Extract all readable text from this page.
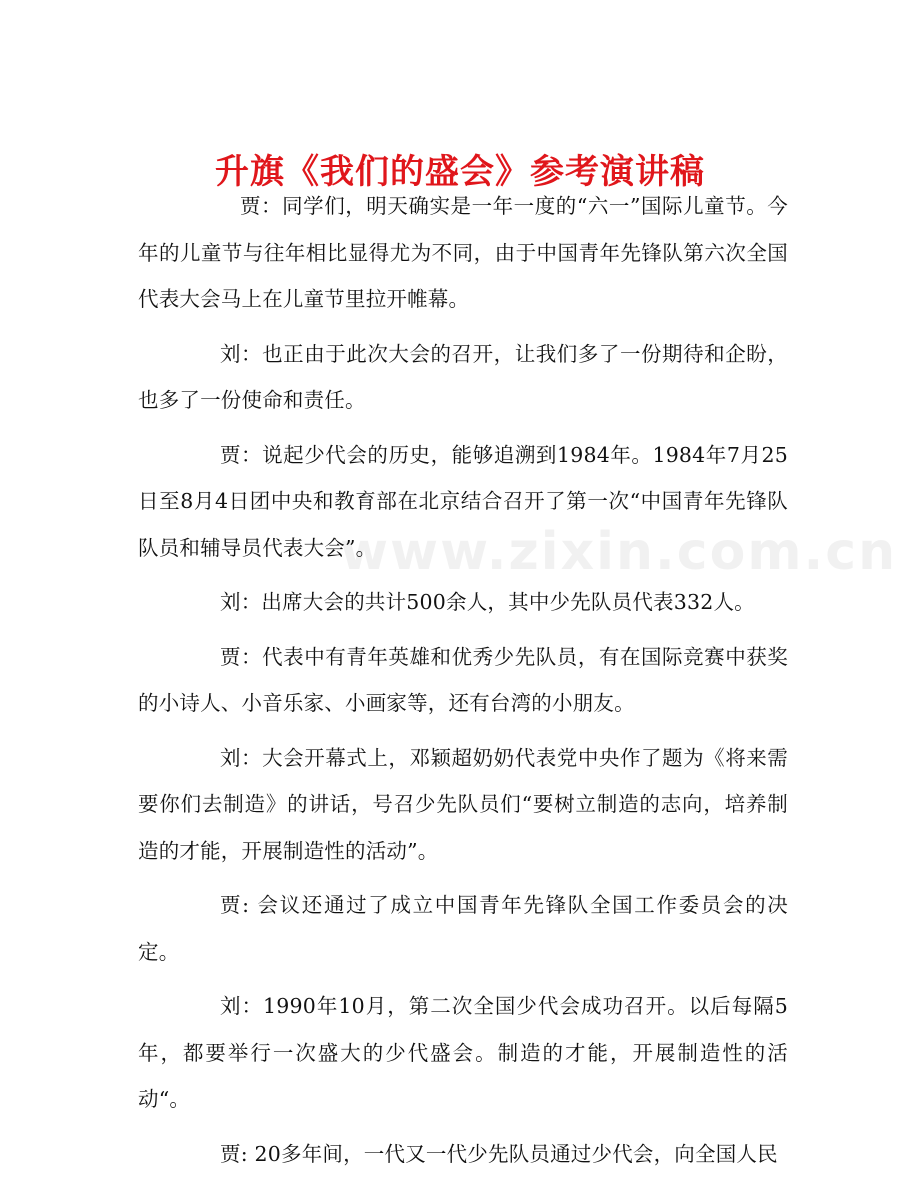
www.zixin.com.cn
升旗《我们的盛会》参考演讲稿

贾：同学们，明天确实是一年一度的“六一”国际儿童节。今年的儿童节与往年相比显得尤为不同，由于中国青年先锋队第六次全国代表大会马上在儿童节里拉开帷幕。

刘：也正由于此次大会的召开，让我们多了一份期待和企盼，也多了一份使命和责任。

贾：说起少代会的历史，能够追溯到1984年。1984年7月25日至8月4日团中央和教育部在北京结合召开了第一次“中国青年先锋队队员和辅导员代表大会”。

刘：出席大会的共计500余人，其中少先队员代表332人。

贾：代表中有青年英雄和优秀少先队员，有在国际竞赛中获奖的小诗人、小音乐家、小画家等，还有台湾的小朋友。

刘：大会开幕式上，邓颖超奶奶代表党中央作了题为《将来需要你们去制造》的讲话，号召少先队员们“要树立制造的志向，培养制造的才能，开展制造性的活动”。

贾: 会议还通过了成立中国青年先锋队全国工作委员会的决定。

刘：1990年10月，第二次全国少代会成功召开。以后每隔5年，都要举行一次盛大的少代盛会。制造的才能，开展制造性的活动“。

贾: 20多年间，一代又一代少先队员通过少代会，向全国人民
